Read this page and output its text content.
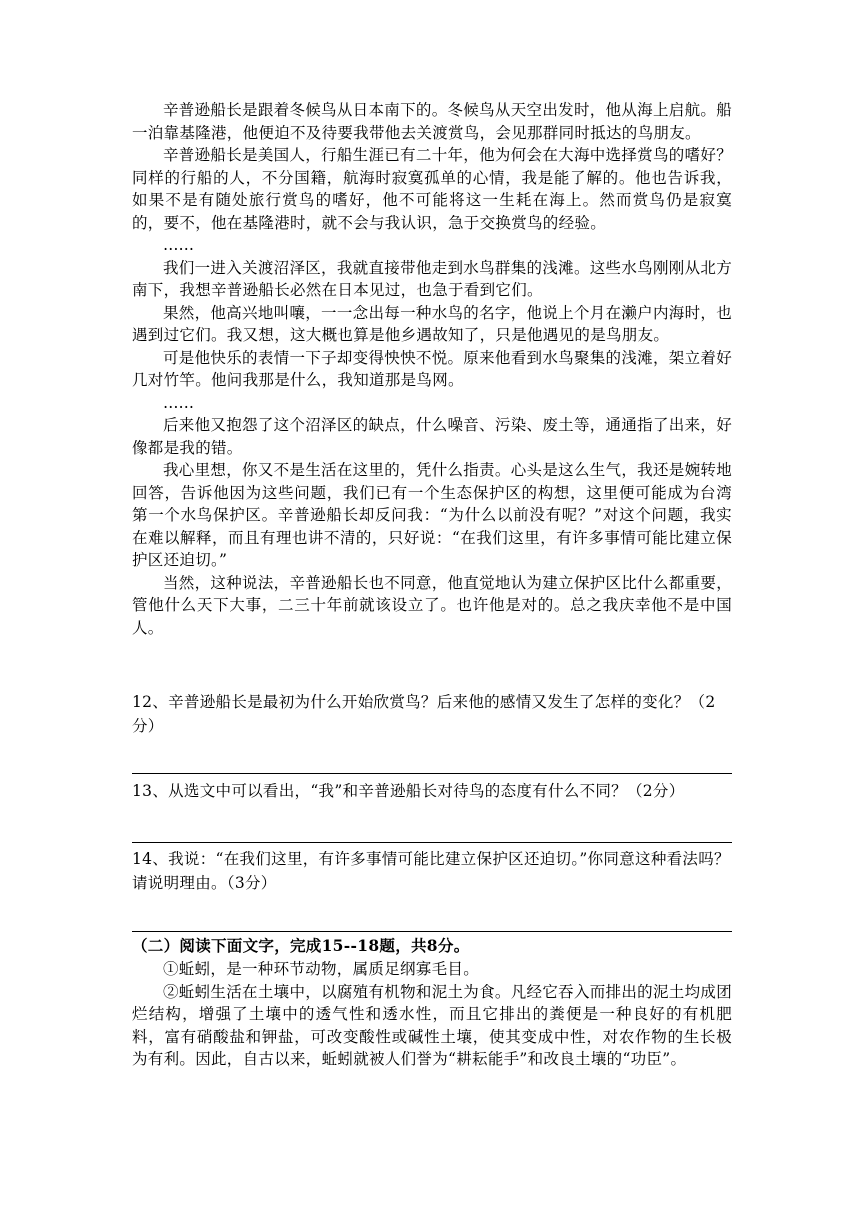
辛普逊船长是跟着冬候鸟从日本南下的。冬候鸟从天空出发时，他从海上启航。船一泊靠基隆港，他便迫不及待要我带他去关渡赏鸟，会见那群同时抵达的鸟朋友。

辛普逊船长是美国人，行船生涯已有二十年，他为何会在大海中选择赏鸟的嗜好？同样的行船的人，不分国籍，航海时寂寞孤单的心情，我是能了解的。他也告诉我，如果不是有随处旅行赏鸟的嗜好，他不可能将这一生耗在海上。然而赏鸟仍是寂寞的，要不，他在基隆港时，就不会与我认识，急于交换赏鸟的经验。

……

我们一进入关渡沼泽区，我就直接带他走到水鸟群集的浅滩。这些水鸟刚刚从北方南下，我想辛普逊船长必然在日本见过，也急于看到它们。

果然，他高兴地叫嚷，一一念出每一种水鸟的名字，他说上个月在濑户内海时，也遇到过它们。我又想，这大概也算是他乡遇故知了，只是他遇见的是鸟朋友。

可是他快乐的表情一下子却变得怏怏不悦。原来他看到水鸟聚集的浅滩，架立着好几对竹竿。他问我那是什么，我知道那是鸟网。

……

后来他又抱怨了这个沼泽区的缺点，什么噪音、污染、废土等，通通指了出来，好像都是我的错。

我心里想，你又不是生活在这里的，凭什么指责。心头是这么生气，我还是婉转地回答，告诉他因为这些问题，我们已有一个生态保护区的构想，这里便可能成为台湾第一个水鸟保护区。辛普逊船长却反问我：“为什么以前没有呢？”对这个问题，我实在难以解释，而且有理也讲不清的，只好说：“在我们这里，有许多事情可能比建立保护区还迫切。”

当然，这种说法，辛普逊船长也不同意，他直觉地认为建立保护区比什么都重要，管他什么天下大事，二三十年前就该设立了。也许他是对的。总之我庆幸他不是中国人。

12、辛普逊船长是最初为什么开始欣赏鸟？后来他的感情又发生了怎样的变化？（2分）

13、从选文中可以看出，“我”和辛普逊船长对待鸟的态度有什么不同？（2分）

14、我说：“在我们这里，有许多事情可能比建立保护区还迫切。”你同意这种看法吗？请说明理由。（3分）

（二）阅读下面文字，完成15--18题，共8分。

①蚯蚓，是一种环节动物，属质足纲寡毛目。

②蚯蚓生活在土壤中，以腐殖有机物和泥土为食。凡经它吞入而排出的泥土均成团烂结构，增强了土壤中的透气性和透水性，而且它排出的粪便是一种良好的有机肥料，富有硝酸盐和钾盐，可改变酸性或碱性土壤，使其变成中性，对农作物的生长极为有利。因此，自古以来，蚯蚓就被人们誉为“耕耘能手”和改良土壤的“功臣”。
